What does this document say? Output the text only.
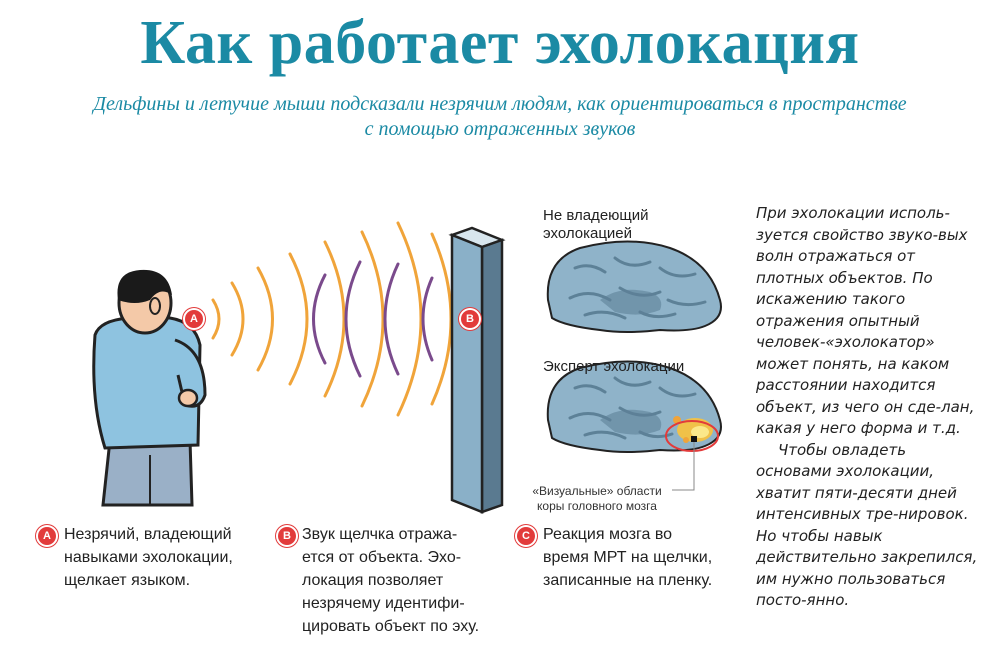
Как работает эхолокация
Дельфины и летучие мыши подсказали незрячим людям, как ориентироваться в пространстве
с помощью отраженных звуков
A	B
Не владеющий
эхолокацией
Эксперт эхолокации
«Визуальные» области
коры головного мозга
A Незрячий, владеющий
навыками эхолокации,
щелкает языком.
B Звук щелчка отража-
ется от объекта. Эхо-
локация позволяет
незрячему идентифи-
цировать объект по эху.
C Реакция мозга во
время МРТ на щелчки,
записанные на пленку.

При эхолокации исполь-зуется свойство звуко-вых волн отражаться от плотных объектов. По искажению такого отражения опытный человек-«эхолокатор» может понять, на каком расстоянии находится объект, из чего он сде-лан, какая у него форма и т.д.

Чтобы овладеть основами эхолокации, хватит пяти-десяти дней интенсивных тре-нировок. Но чтобы навык действительно закрепился, им нужно пользоваться посто-янно.
